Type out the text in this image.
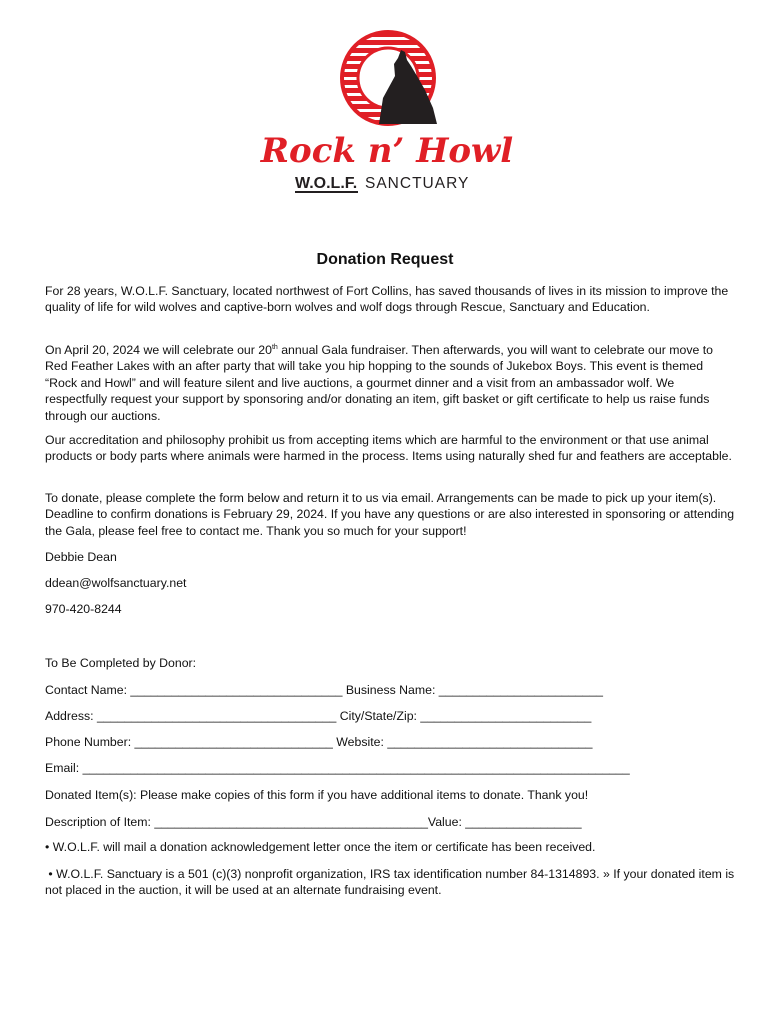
Rock n’ Howl
W.O.L.F. SANCTUARY
Donation Request
For 28 years, W.O.L.F. Sanctuary, located northwest of Fort Collins, has saved thousands of lives in its mission to improve the quality of life for wild wolves and captive-born wolves and wolf dogs through Rescue, Sanctuary and Education.
On April 20, 2024 we will celebrate our 20th annual Gala fundraiser. Then afterwards, you will want to celebrate our move to Red Feather Lakes with an after party that will take you hip hopping to the sounds of Jukebox Boys. This event is themed “Rock and Howl” and will feature silent and live auctions, a gourmet dinner and a visit from an ambassador wolf. We respectfully request your support by sponsoring and/or donating an item, gift basket or gift certificate to help us raise funds through our auctions.
Our accreditation and philosophy prohibit us from accepting items which are harmful to the environment or that use animal products or body parts where animals were harmed in the process. Items using naturally shed fur and feathers are acceptable.
To donate, please complete the form below and return it to us via email. Arrangements can be made to pick up your item(s). Deadline to confirm donations is February 29, 2024. If you have any questions or are also interested in sponsoring or attending the Gala, please feel free to contact me. Thank you so much for your support!
Debbie Dean
ddean@wolfsanctuary.net
970-420-8244
To Be Completed by Donor:
Contact Name: _______________________________ Business Name: ________________________
Address: ___________________________________ City/State/Zip: _________________________
Phone Number: _____________________________ Website: ______________________________
Email: ________________________________________________________________________________
Donated Item(s): Please make copies of this form if you have additional items to donate. Thank you!
Description of Item: ________________________________________Value: _________________
• W.O.L.F. will mail a donation acknowledgement letter once the item or certificate has been received.
• W.O.L.F. Sanctuary is a 501 (c)(3) nonprofit organization, IRS tax identification number 84-1314893. » If your donated item is not placed in the auction, it will be used at an alternate fundraising event.
